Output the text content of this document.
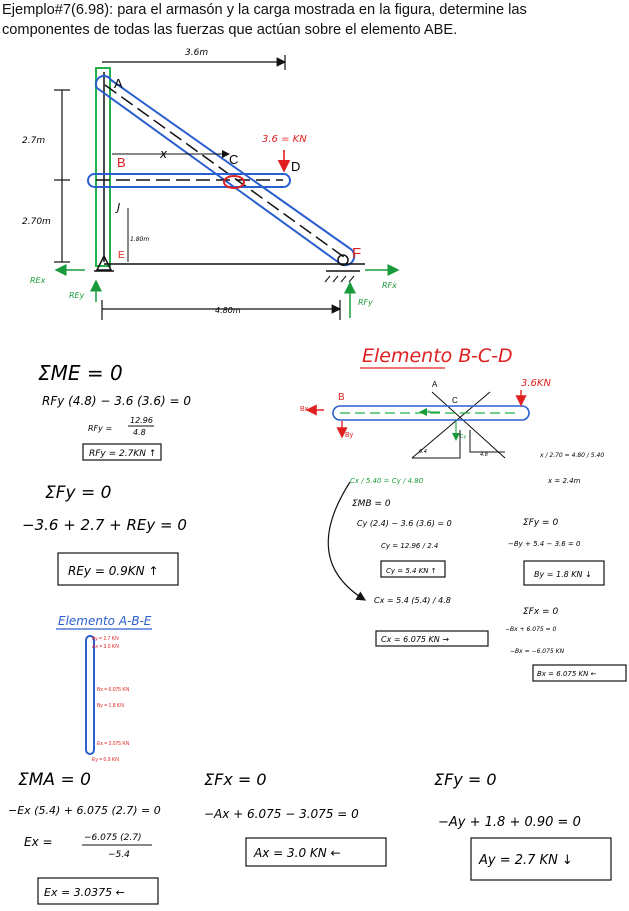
Ejemplo#7(6.98): para el armasón y la carga mostrada en la figura, determine las
componentes de todas las fuerzas que actúan sobre el elemento ABE.
3.6m
2.7m
2.70m
x
A
B	C	D
E	F
J
1.80m
3.6 = KN
REx
REy
RFx
RFy
4.80m
ΣME = 0
RFy (4.8) − 3.6 (3.6) = 0
RFy =
12.96
4.8
RFy = 2.7KN ↑
ΣFy = 0
−3.6 + 2.7 + REy = 0
REy = 0.9KN ↑
Elemento A-B-E
Ay = 2.7 KN
Ax = 3.0 KN
Bx = 6.075 KN
By = 1.8 KN
Ex = 3.075 KN
Ey = 0.9 KN
Elemento B-C-D
A
B	C
3.6KN
Bx
By
Cx
Cy
6.4	4.8
Cx / 5.40 = Cy / 4.80
x / 2.70 = 4.80 / 5.40
x = 2.4m
ΣMB = 0
Cy (2.4) − 3.6 (3.6) = 0
Cy = 12.96 / 2.4
Cy = 5.4 KN ↑
Cx = 5.4 (5.4) / 4.8
Cx = 6.075 KN →
ΣFy = 0
−By + 5.4 − 3.6 = 0
By = 1.8 KN ↓
ΣFx = 0
−Bx + 6.075 = 0
−Bx = −6.075 KN
Bx = 6.075 KN ←
ΣMA = 0
−Ex (5.4) + 6.075 (2.7) = 0
Ex =	−6.075 (2.7)
−5.4
Ex = 3.0375 ←
ΣFx = 0
−Ax + 6.075 − 3.075 = 0
Ax = 3.0 KN ←
ΣFy = 0
−Ay + 1.8 + 0.90 = 0
Ay = 2.7 KN ↓
